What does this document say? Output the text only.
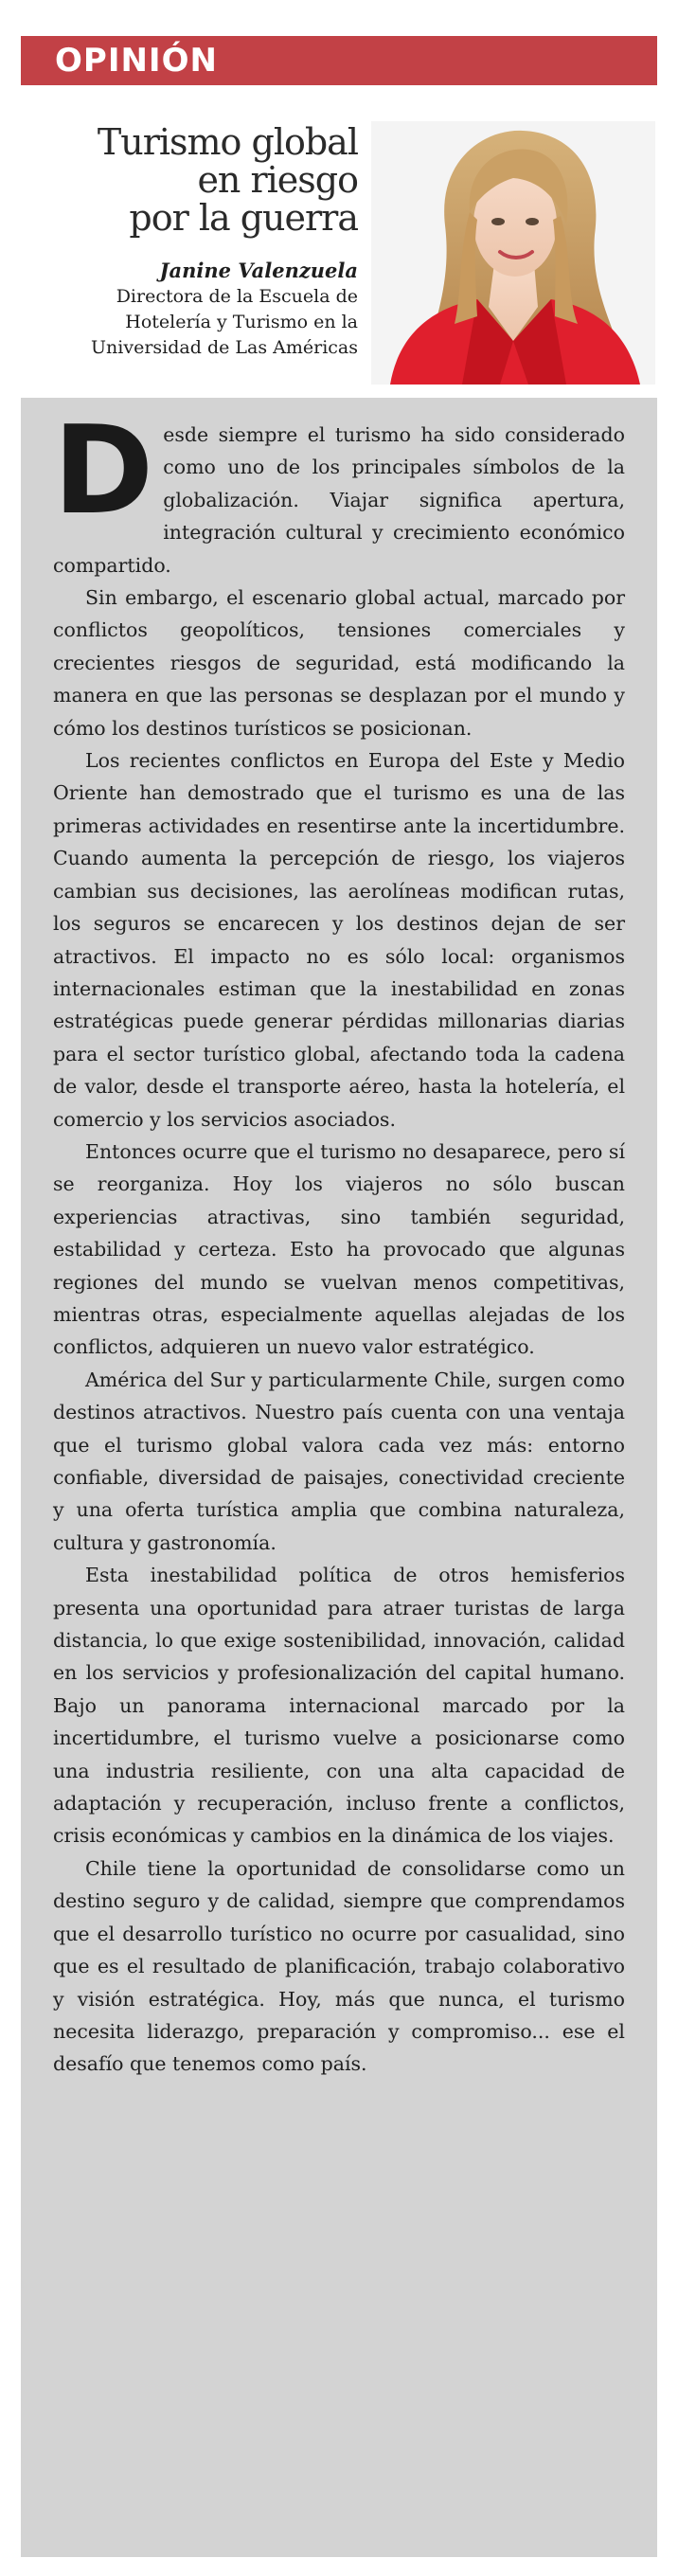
OPINIÓN
Turismo global
en riesgo
por la guerra
Janine Valenzuela
Directora de la Escuela de
Hotelería y Turismo en la
Universidad de Las Américas

Desde siempre el turismo ha sido considerado como uno de los principales símbolos de la globalización. Viajar significa apertura, integración cultural y crecimiento económico compartido.

Sin embargo, el escenario global actual, marcado por conflictos geopolíticos, tensiones comerciales y crecientes riesgos de seguridad, está modificando la manera en que las personas se desplazan por el mundo y cómo los destinos turísticos se posicionan.

Los recientes conflictos en Europa del Este y Medio Oriente han demostrado que el turismo es una de las primeras actividades en resentirse ante la incertidumbre. Cuando aumenta la percepción de riesgo, los viajeros cambian sus decisiones, las aerolíneas modifican rutas, los seguros se encarecen y los destinos dejan de ser atractivos. El impacto no es sólo local: organismos internacionales estiman que la inestabilidad en zonas estratégicas puede generar pérdidas millonarias diarias para el sector turístico global, afectando toda la cadena de valor, desde el transporte aéreo, hasta la hotelería, el comercio y los servicios asociados.

Entonces ocurre que el turismo no desaparece, pero sí se reorganiza. Hoy los viajeros no sólo buscan experiencias atractivas, sino también seguridad, estabilidad y certeza. Esto ha provocado que algunas regiones del mundo se vuelvan menos competitivas, mientras otras, especialmente aquellas alejadas de los conflictos, adquieren un nuevo valor estratégico.

América del Sur y particularmente Chile, surgen como destinos atractivos. Nuestro país cuenta con una ventaja que el turismo global valora cada vez más: entorno confiable, diversidad de paisajes, conectividad creciente y una oferta turística amplia que combina naturaleza, cultura y gastronomía.

Esta inestabilidad política de otros hemisferios presenta una oportunidad para atraer turistas de larga distancia, lo que exige sostenibilidad, innovación, calidad en los servicios y profesionalización del capital humano. Bajo un panorama internacional marcado por la incertidumbre, el turismo vuelve a posicionarse como una industria resiliente, con una alta capacidad de adaptación y recuperación, incluso frente a conflictos, crisis económicas y cambios en la dinámica de los viajes.

Chile tiene la oportunidad de consolidarse como un destino seguro y de calidad, siempre que comprendamos que el desarrollo turístico no ocurre por casualidad, sino que es el resultado de planificación, trabajo colaborativo y visión estratégica. Hoy, más que nunca, el turismo necesita liderazgo, preparación y compromiso... ese el desafío que tenemos como país.
